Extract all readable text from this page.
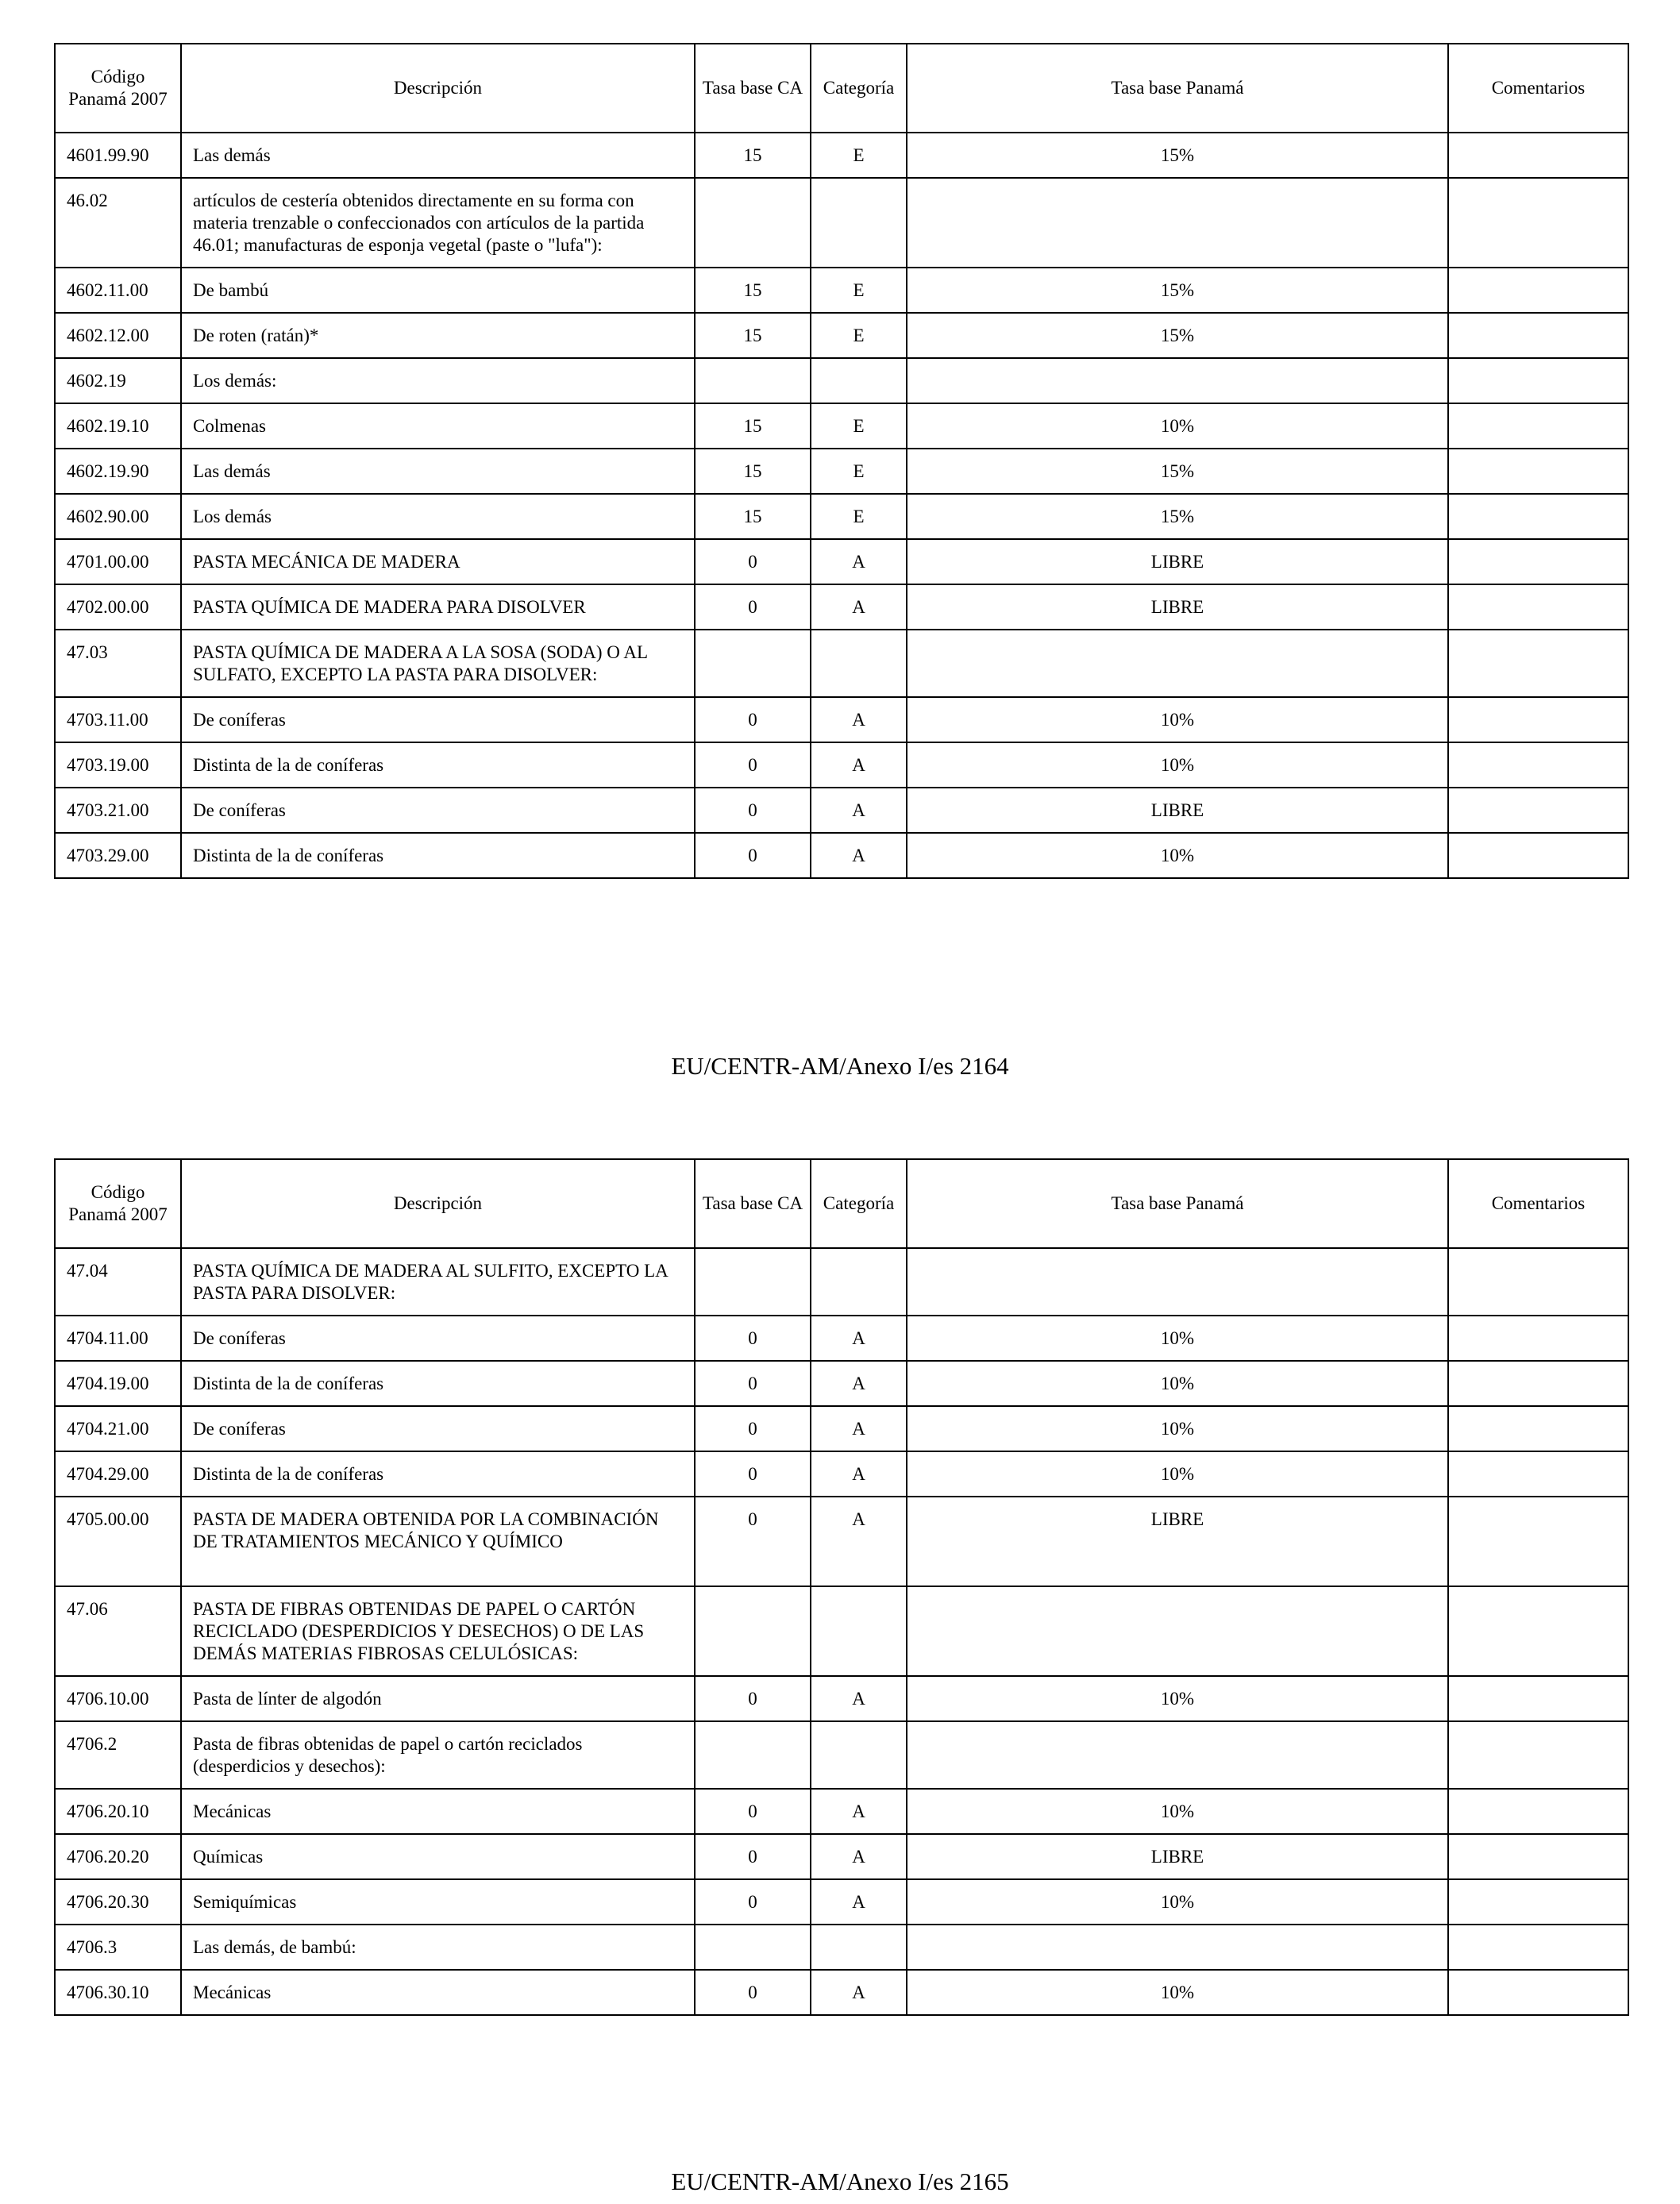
Código Panamá 2007	Descripción	Tasa base CA	Categoría	Tasa base Panamá	Comentarios
4601.99.90	Las demás	15	E	15%	
46.02	artículos de cestería obtenidos directamente en su forma con materia trenzable o confeccionados con artículos de la partida 46.01; manufacturas de esponja vegetal (paste o "lufa"):				
4602.11.00	De bambú	15	E	15%	
4602.12.00	De roten (ratán)*	15	E	15%	
4602.19	Los demás:				
4602.19.10	Colmenas	15	E	10%	
4602.19.90	Las demás	15	E	15%	
4602.90.00	Los demás	15	E	15%	
4701.00.00	PASTA MECÁNICA DE MADERA	0	A	LIBRE	
4702.00.00	PASTA QUÍMICA DE MADERA PARA DISOLVER	0	A	LIBRE	
47.03	PASTA QUÍMICA DE MADERA A LA SOSA (SODA) O AL SULFATO, EXCEPTO LA PASTA PARA DISOLVER:				
4703.11.00	De coníferas	0	A	10%	
4703.19.00	Distinta de la de coníferas	0	A	10%	
4703.21.00	De coníferas	0	A	LIBRE	
4703.29.00	Distinta de la de coníferas	0	A	10%	
EU/CENTR-AM/Anexo I/es 2164
Código Panamá 2007	Descripción	Tasa base CA	Categoría	Tasa base Panamá	Comentarios
47.04	PASTA QUÍMICA DE MADERA AL SULFITO, EXCEPTO LA PASTA PARA DISOLVER:				
4704.11.00	De coníferas	0	A	10%	
4704.19.00	Distinta de la de coníferas	0	A	10%	
4704.21.00	De coníferas	0	A	10%	
4704.29.00	Distinta de la de coníferas	0	A	10%	
4705.00.00	PASTA DE MADERA OBTENIDA POR LA COMBINACIÓN DE TRATAMIENTOS MECÁNICO Y QUÍMICO	0	A	LIBRE	
47.06	PASTA DE FIBRAS OBTENIDAS DE PAPEL O CARTÓN RECICLADO (DESPERDICIOS Y DESECHOS) O DE LAS DEMÁS MATERIAS FIBROSAS CELULÓSICAS:				
4706.10.00	Pasta de línter de algodón	0	A	10%	
4706.2	Pasta de fibras obtenidas de papel o cartón reciclados (desperdicios y desechos):				
4706.20.10	Mecánicas	0	A	10%	
4706.20.20	Químicas	0	A	LIBRE	
4706.20.30	Semiquímicas	0	A	10%	
4706.3	Las demás, de bambú:				
4706.30.10	Mecánicas	0	A	10%	
EU/CENTR-AM/Anexo I/es 2165
